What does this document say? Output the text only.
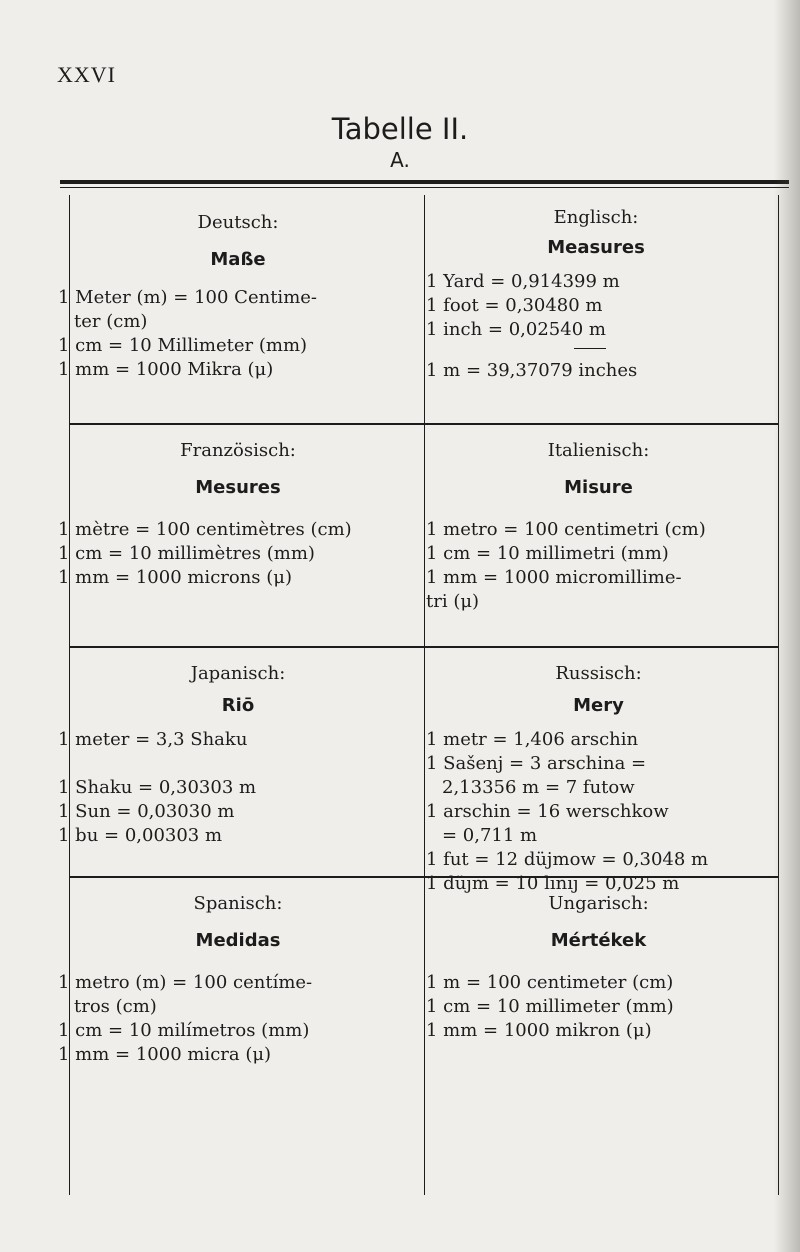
XXVI
Tabelle II.
A.
Deutsch:
Maße
1 Meter (m) = 100 Centime-
ter (cm)
1 cm = 10 Millimeter (mm)
1 mm = 1000 Mikra (μ)
Englisch:
Measures
1 Yard = 0,914399 m
1 foot = 0,30480 m
1 inch = 0,02540 m
1 m = 39,37079 inches
Französisch:
Mesures
1 mètre = 100 centimètres (cm)
1 cm = 10 millimètres (mm)
1 mm = 1000 microns (μ)
Italienisch:
Misure
1 metro = 100 centimetri (cm)
1 cm = 10 millimetri (mm)
1 mm = 1000 micromillime-
tri (μ)
Japanisch:
Riō
1 meter = 3,3 Shaku
1 Shaku = 0,30303 m
1 Sun = 0,03030 m
1 bu = 0,00303 m
Russisch:
Mery
1 metr = 1,406 arschin
1 Sašenj = 3 arschina =
2,13356 m = 7 futow
1 arschin = 16 werschkow
= 0,711 m
1 fut = 12 düjmow = 0,3048 m
1 düjm = 10 linij = 0,025 m
Spanisch:
Medidas
1 metro (m) = 100 centíme-
tros (cm)
1 cm = 10 milímetros (mm)
1 mm = 1000 micra (μ)
Ungarisch:
Mértékek
1 m = 100 centimeter (cm)
1 cm = 10 millimeter (mm)
1 mm = 1000 mikron (μ)
